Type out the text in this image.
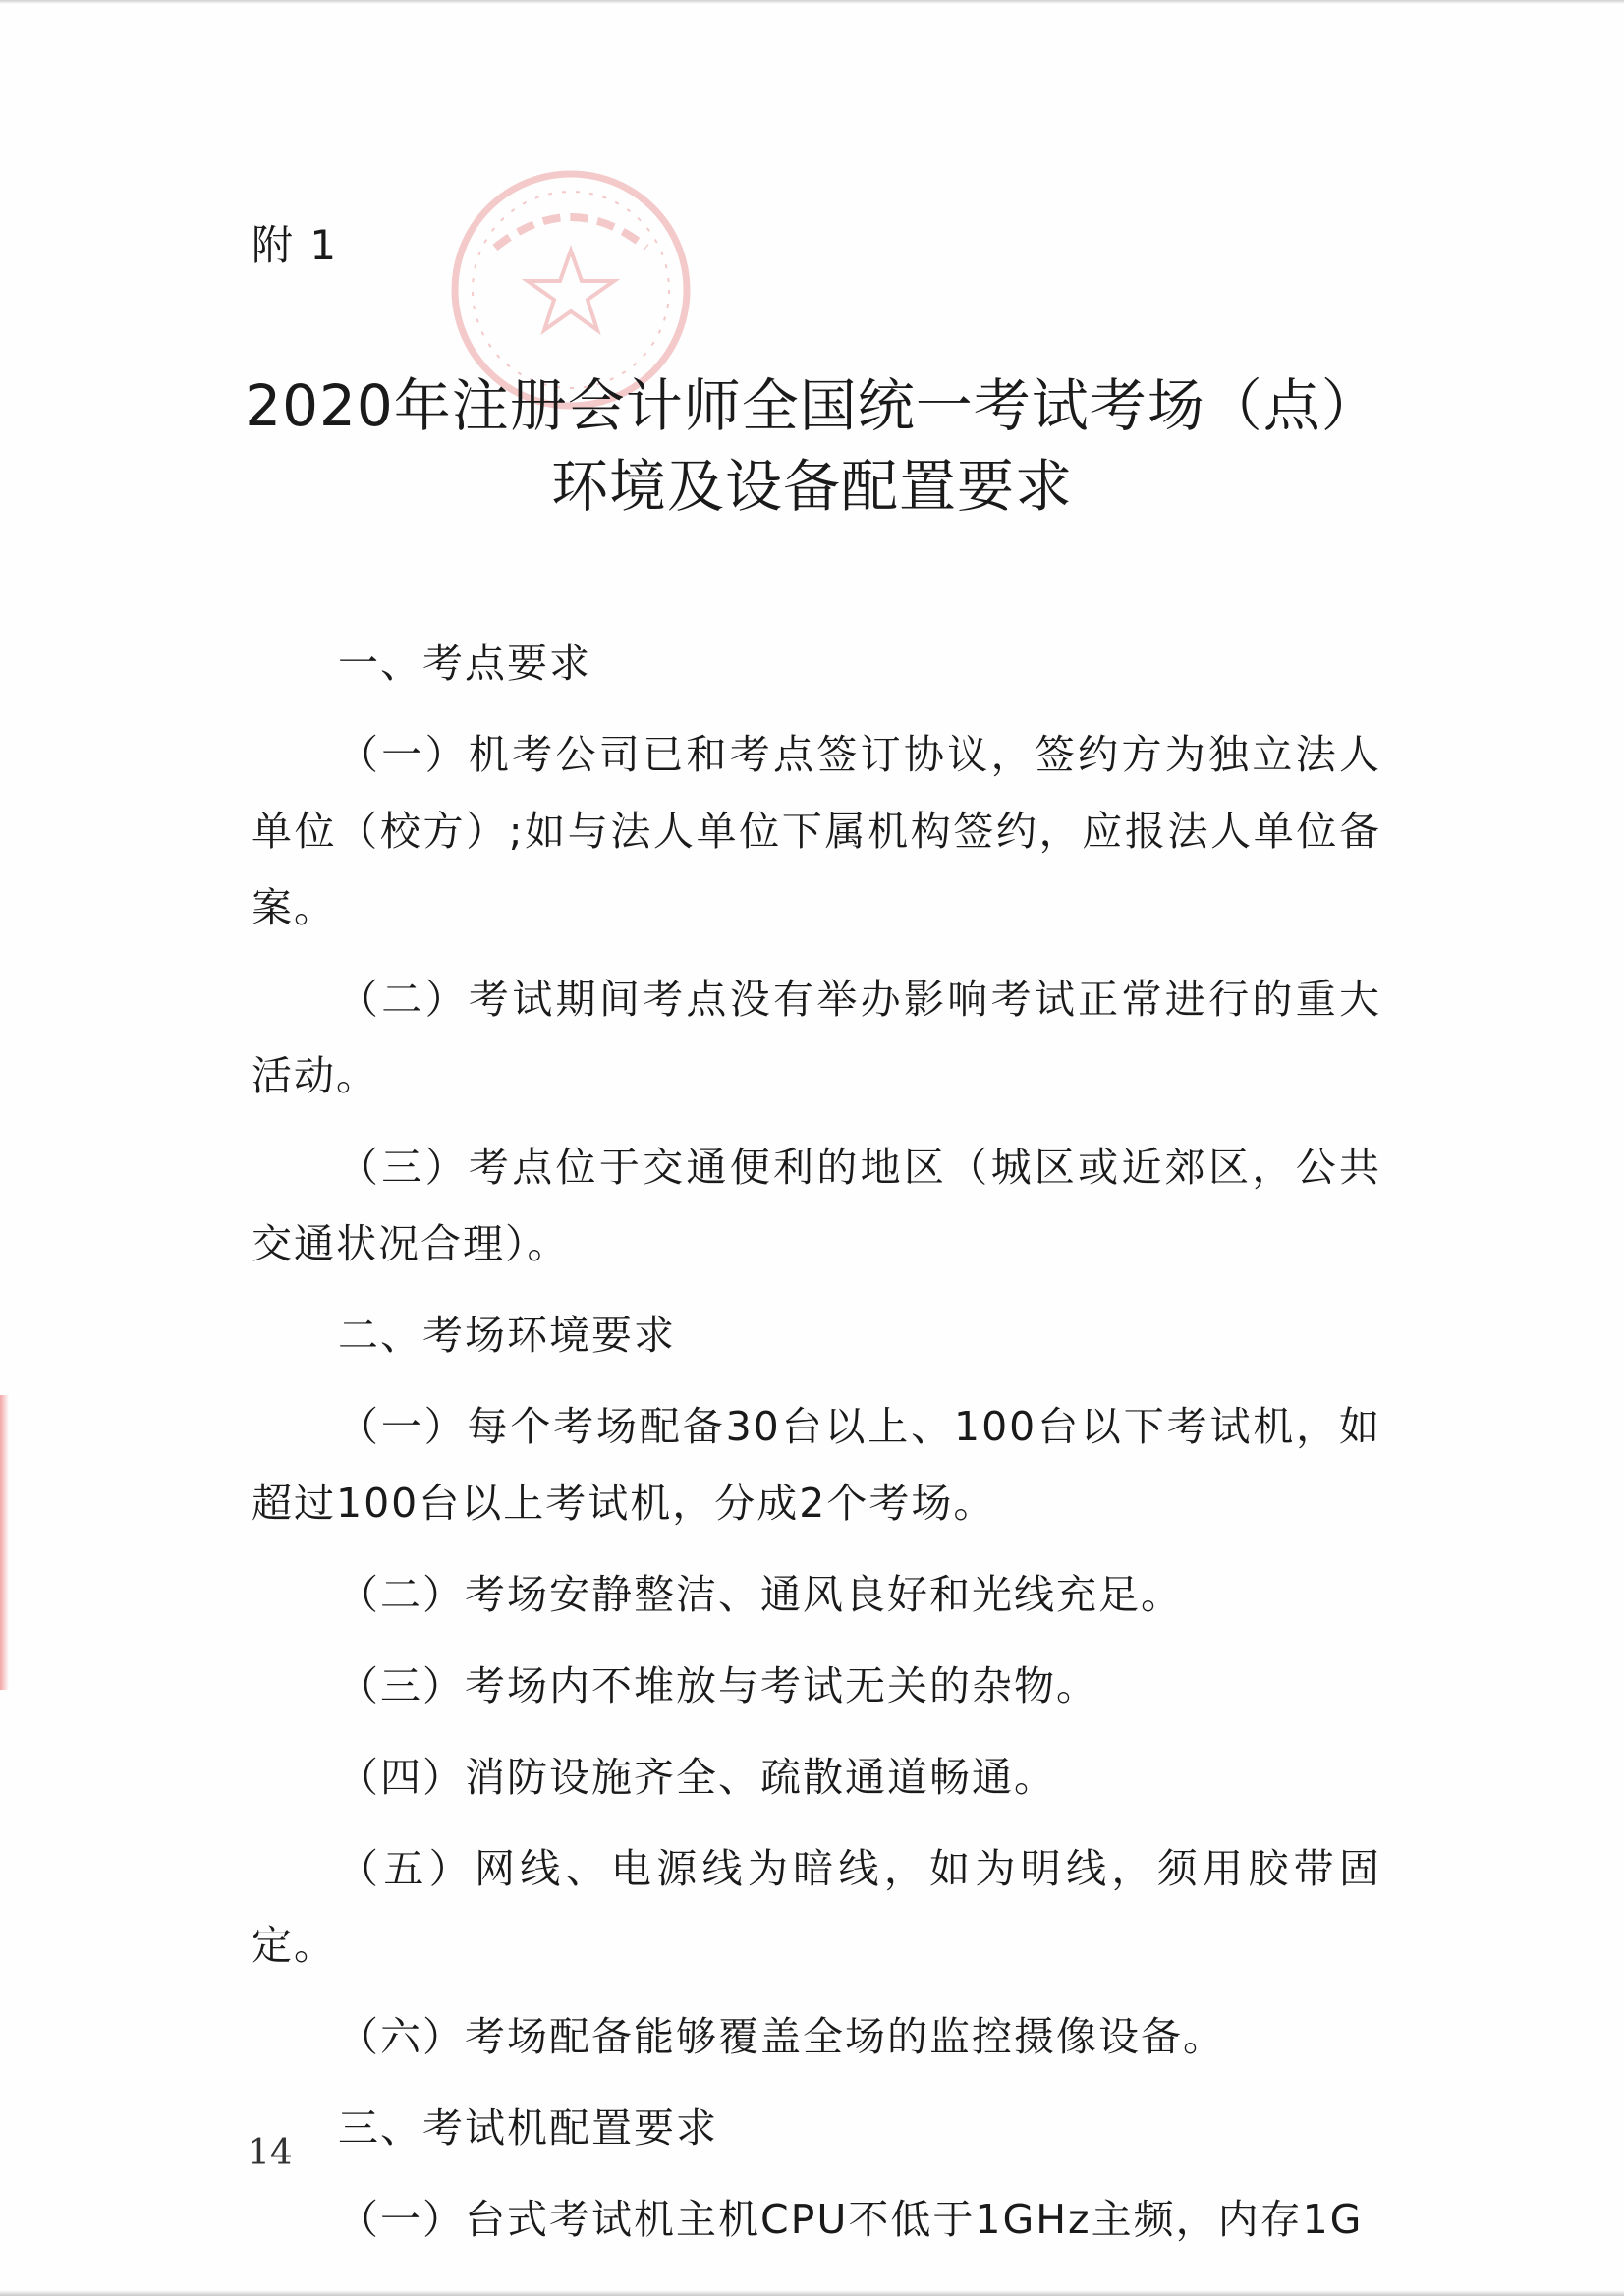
附 1
2020年注册会计师全国统一考试考场（点）
环境及设备配置要求

一、考点要求

（一）机考公司已和考点签订协议，签约方为独立法人单位（校方）;如与法人单位下属机构签约，应报法人单位备案。

（二）考试期间考点没有举办影响考试正常进行的重大活动。

（三）考点位于交通便利的地区（城区或近郊区，公共交通状况合理）。

二、考场环境要求

（一）每个考场配备30台以上、100台以下考试机，如超过100台以上考试机，分成2个考场。

（二）考场安静整洁、通风良好和光线充足。

（三）考场内不堆放与考试无关的杂物。

（四）消防设施齐全、疏散通道畅通。

（五）网线、电源线为暗线，如为明线，须用胶带固定。

（六）考场配备能够覆盖全场的监控摄像设备。

三、考试机配置要求

（一）台式考试机主机CPU不低于1GHz主频，内存1G

14
